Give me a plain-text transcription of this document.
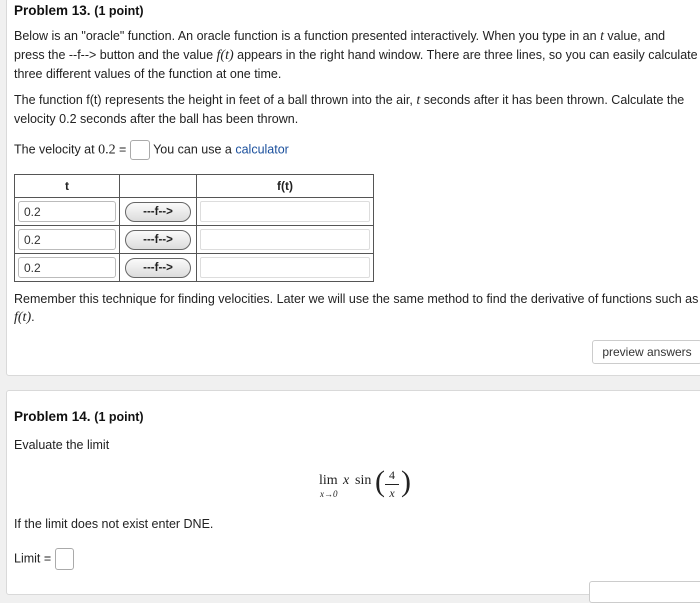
Problem 13. (1 point)
Below is an "oracle" function. An oracle function is a function presented interactively. When you type in an t value, and press the --f--> button and the value f(t) appears in the right hand window. There are three lines, so you can easily calculate three different values of the function at one time.
The function f(t) represents the height in feet of a ball thrown into the air, t seconds after it has been thrown. Calculate the velocity 0.2 seconds after the ball has been thrown.
The velocity at 0.2 = You can use a calculator
t		f(t)

0.2	---f-->	

0.2	---f-->	

0.2	---f-->	

Remember this technique for finding velocities. Later we will use the same method to find the derivative of functions such as f(t).
preview answers
Problem 14. (1 point)
Evaluate the limit
lim
x→0
x sin ( 4
x )
If the limit does not exist enter DNE.
Limit =
